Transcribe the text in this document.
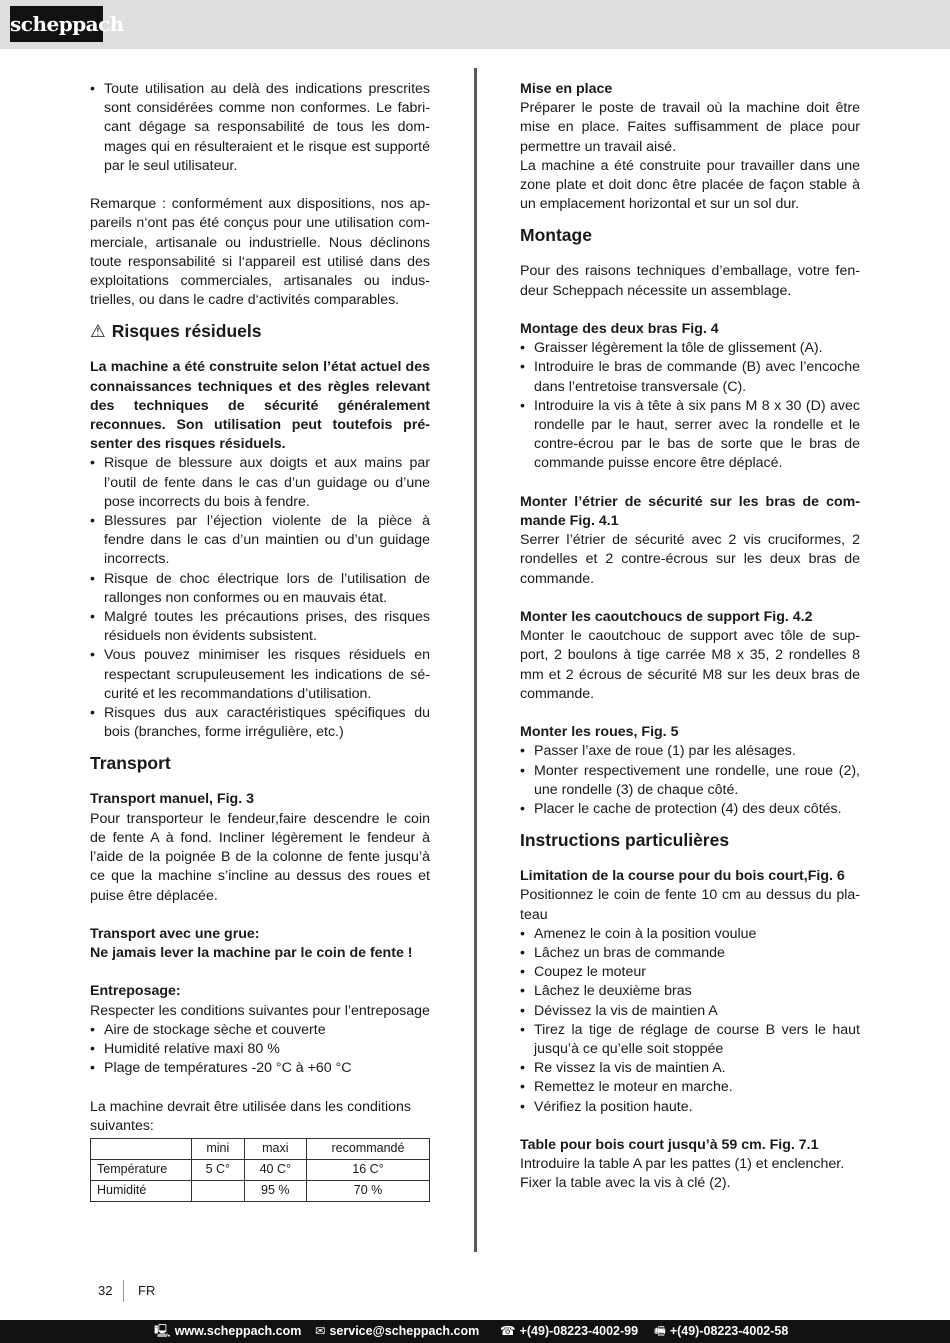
scheppach
• Toute utilisation au delà des indications prescrites sont considérées comme non conformes. Le fabricant dégage sa responsabilité de tous les dommages qui en résulteraient et le risque est supporté par le seul utilisateur.

Remarque : conformément aux dispositions, nos appareils n‘ont pas été conçus pour une utilisation commerciale, artisanale ou industrielle. Nous déclinons toute responsabilité si l‘appareil est utilisé dans des exploitations commerciales, artisanales ou industrielles, ou dans le cadre d‘activités comparables.

⚠ Risques résiduels

La machine a été construite selon l’état actuel des connaissances techniques et des règles relevant des techniques de sécurité généralement reconnues. Son utilisation peut toutefois présenter des risques résiduels.

• Risque de blessure aux doigts et aux mains par l’outil de fente dans le cas d’un guidage ou d’une pose incorrects du bois à fendre.
• Blessures par l’éjection violente de la pièce à fendre dans le cas d’un maintien ou d’un guidage incorrects.
• Risque de choc électrique lors de l’utilisation de rallonges non conformes ou en mauvais état.
• Malgré toutes les précautions prises, des risques résiduels non évidents subsistent.
• Vous pouvez minimiser les risques résiduels en respectant scrupuleusement les indications de sécurité et les recommandations d’utilisation.
• Risques dus aux caractéristiques spécifiques du bois (branches, forme irrégulière, etc.)
Transport

Transport manuel, Fig. 3

Pour transporteur le fendeur,faire descendre le coin de fente A à fond. Incliner légèrement le fendeur à l’aide de la poignée B de la colonne de fente jusqu’à ce que la machine s’incline au dessus des roues et puise être déplacée.

Transport avec une grue:

Ne jamais lever la machine par le coin de fente !

Entreposage:

Respecter les conditions suivantes pour l’entreposage

• Aire de stockage sèche et couverte
• Humidité relative maxi 80 %
• Plage de températures -20 °C à +60 °C

La machine devrait être utilisée dans les conditions suivantes:

	mini	maxi	recommandé
Température	5 C°	40 C°	16 C°
Humidité		95 %	70 %

Mise en place

Préparer le poste de travail où la machine doit être mise en place. Faites suffisamment de place pour permettre un travail aisé.

La machine a été construite pour travailler dans une zone plate et doit donc être placée de façon stable à un emplacement horizontal et sur un sol dur.

Montage

Pour des raisons techniques d’emballage, votre fendeur Scheppach nécessite un assemblage.

Montage des deux bras Fig. 4

• Graisser légèrement la tôle de glissement (A).
• Introduire le bras de commande (B) avec l’encoche dans l’entretoise transversale (C).
• Introduire la vis à tête à six pans M 8 x 30 (D) avec rondelle par le haut, serrer avec la rondelle et le contre-écrou par le bas de sorte que le bras de commande puisse encore être déplacé.

Monter l’étrier de sécurité sur les bras de commande Fig. 4.1

Serrer l’étrier de sécurité avec 2 vis cruciformes, 2 rondelles et 2 contre-écrous sur les deux bras de commande.

Monter les caoutchoucs de support Fig. 4.2

Monter le caoutchouc de support avec tôle de support, 2 boulons à tige carrée M8 x 35, 2 rondelles 8 mm et 2 écrous de sécurité M8 sur les deux bras de commande.

Monter les roues, Fig. 5

• Passer l’axe de roue (1) par les alésages.
• Monter respectivement une rondelle, une roue (2), une rondelle (3) de chaque côté.
• Placer le cache de protection (4) des deux côtés.
Instructions particulières

Limitation de la course pour du bois court,Fig. 6

Positionnez le coin de fente 10 cm au dessus du plateau

• Amenez le coin à la position voulue
• Lâchez un bras de commande
• Coupez le moteur
• Lâchez le deuxième bras
• Dévissez la vis de maintien A
• Tirez la tige de réglage de course B vers le haut jusqu’à ce qu’elle soit stoppée
• Re vissez la vis de maintien A.
• Remettez le moteur en marche.
• Vérifiez la position haute.

Table pour bois court jusqu’à 59 cm. Fig. 7.1

Introduire la table A par les pattes (1) et enclencher.

Fixer la table avec la vis à clé (2).

32 FR
🖳 www.scheppach.com ✉ service@scheppach.com ☎ +(49)-08223-4002-99 🖷 +(49)-08223-4002-58
